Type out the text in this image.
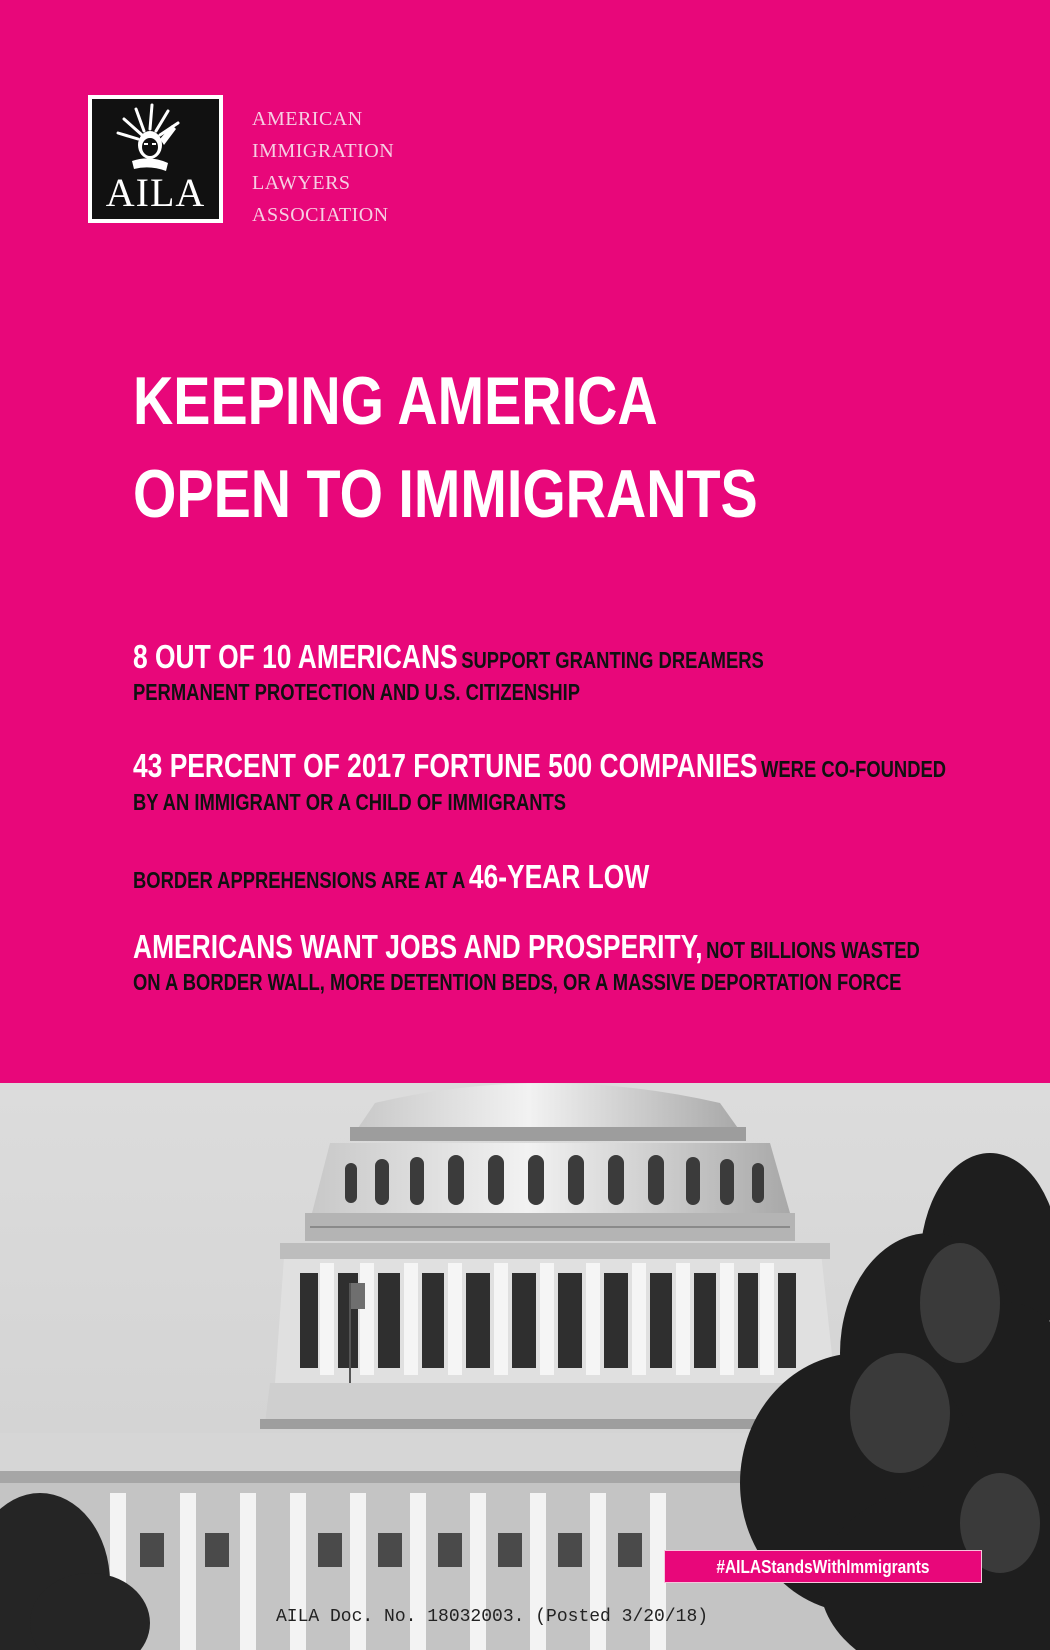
AILA
AMERICAN
IMMIGRATION
LAWYERS
ASSOCIATION
KEEPING AMERICA
OPEN TO IMMIGRANTS
8 OUT OF 10 AMERICANS SUPPORT GRANTING DREAMERS
PERMANENT PROTECTION AND U.S. CITIZENSHIP
43 PERCENT OF 2017 FORTUNE 500 COMPANIES WERE CO-FOUNDED
BY AN IMMIGRANT OR A CHILD OF IMMIGRANTS
BORDER APPREHENSIONS ARE AT A 46-YEAR LOW
AMERICANS WANT JOBS AND PROSPERITY, NOT BILLIONS WASTED
ON A BORDER WALL, MORE DETENTION BEDS, OR A MASSIVE DEPORTATION FORCE
#AILAStandsWithImmigrants
AILA Doc. No. 18032003. (Posted 3/20/18)
